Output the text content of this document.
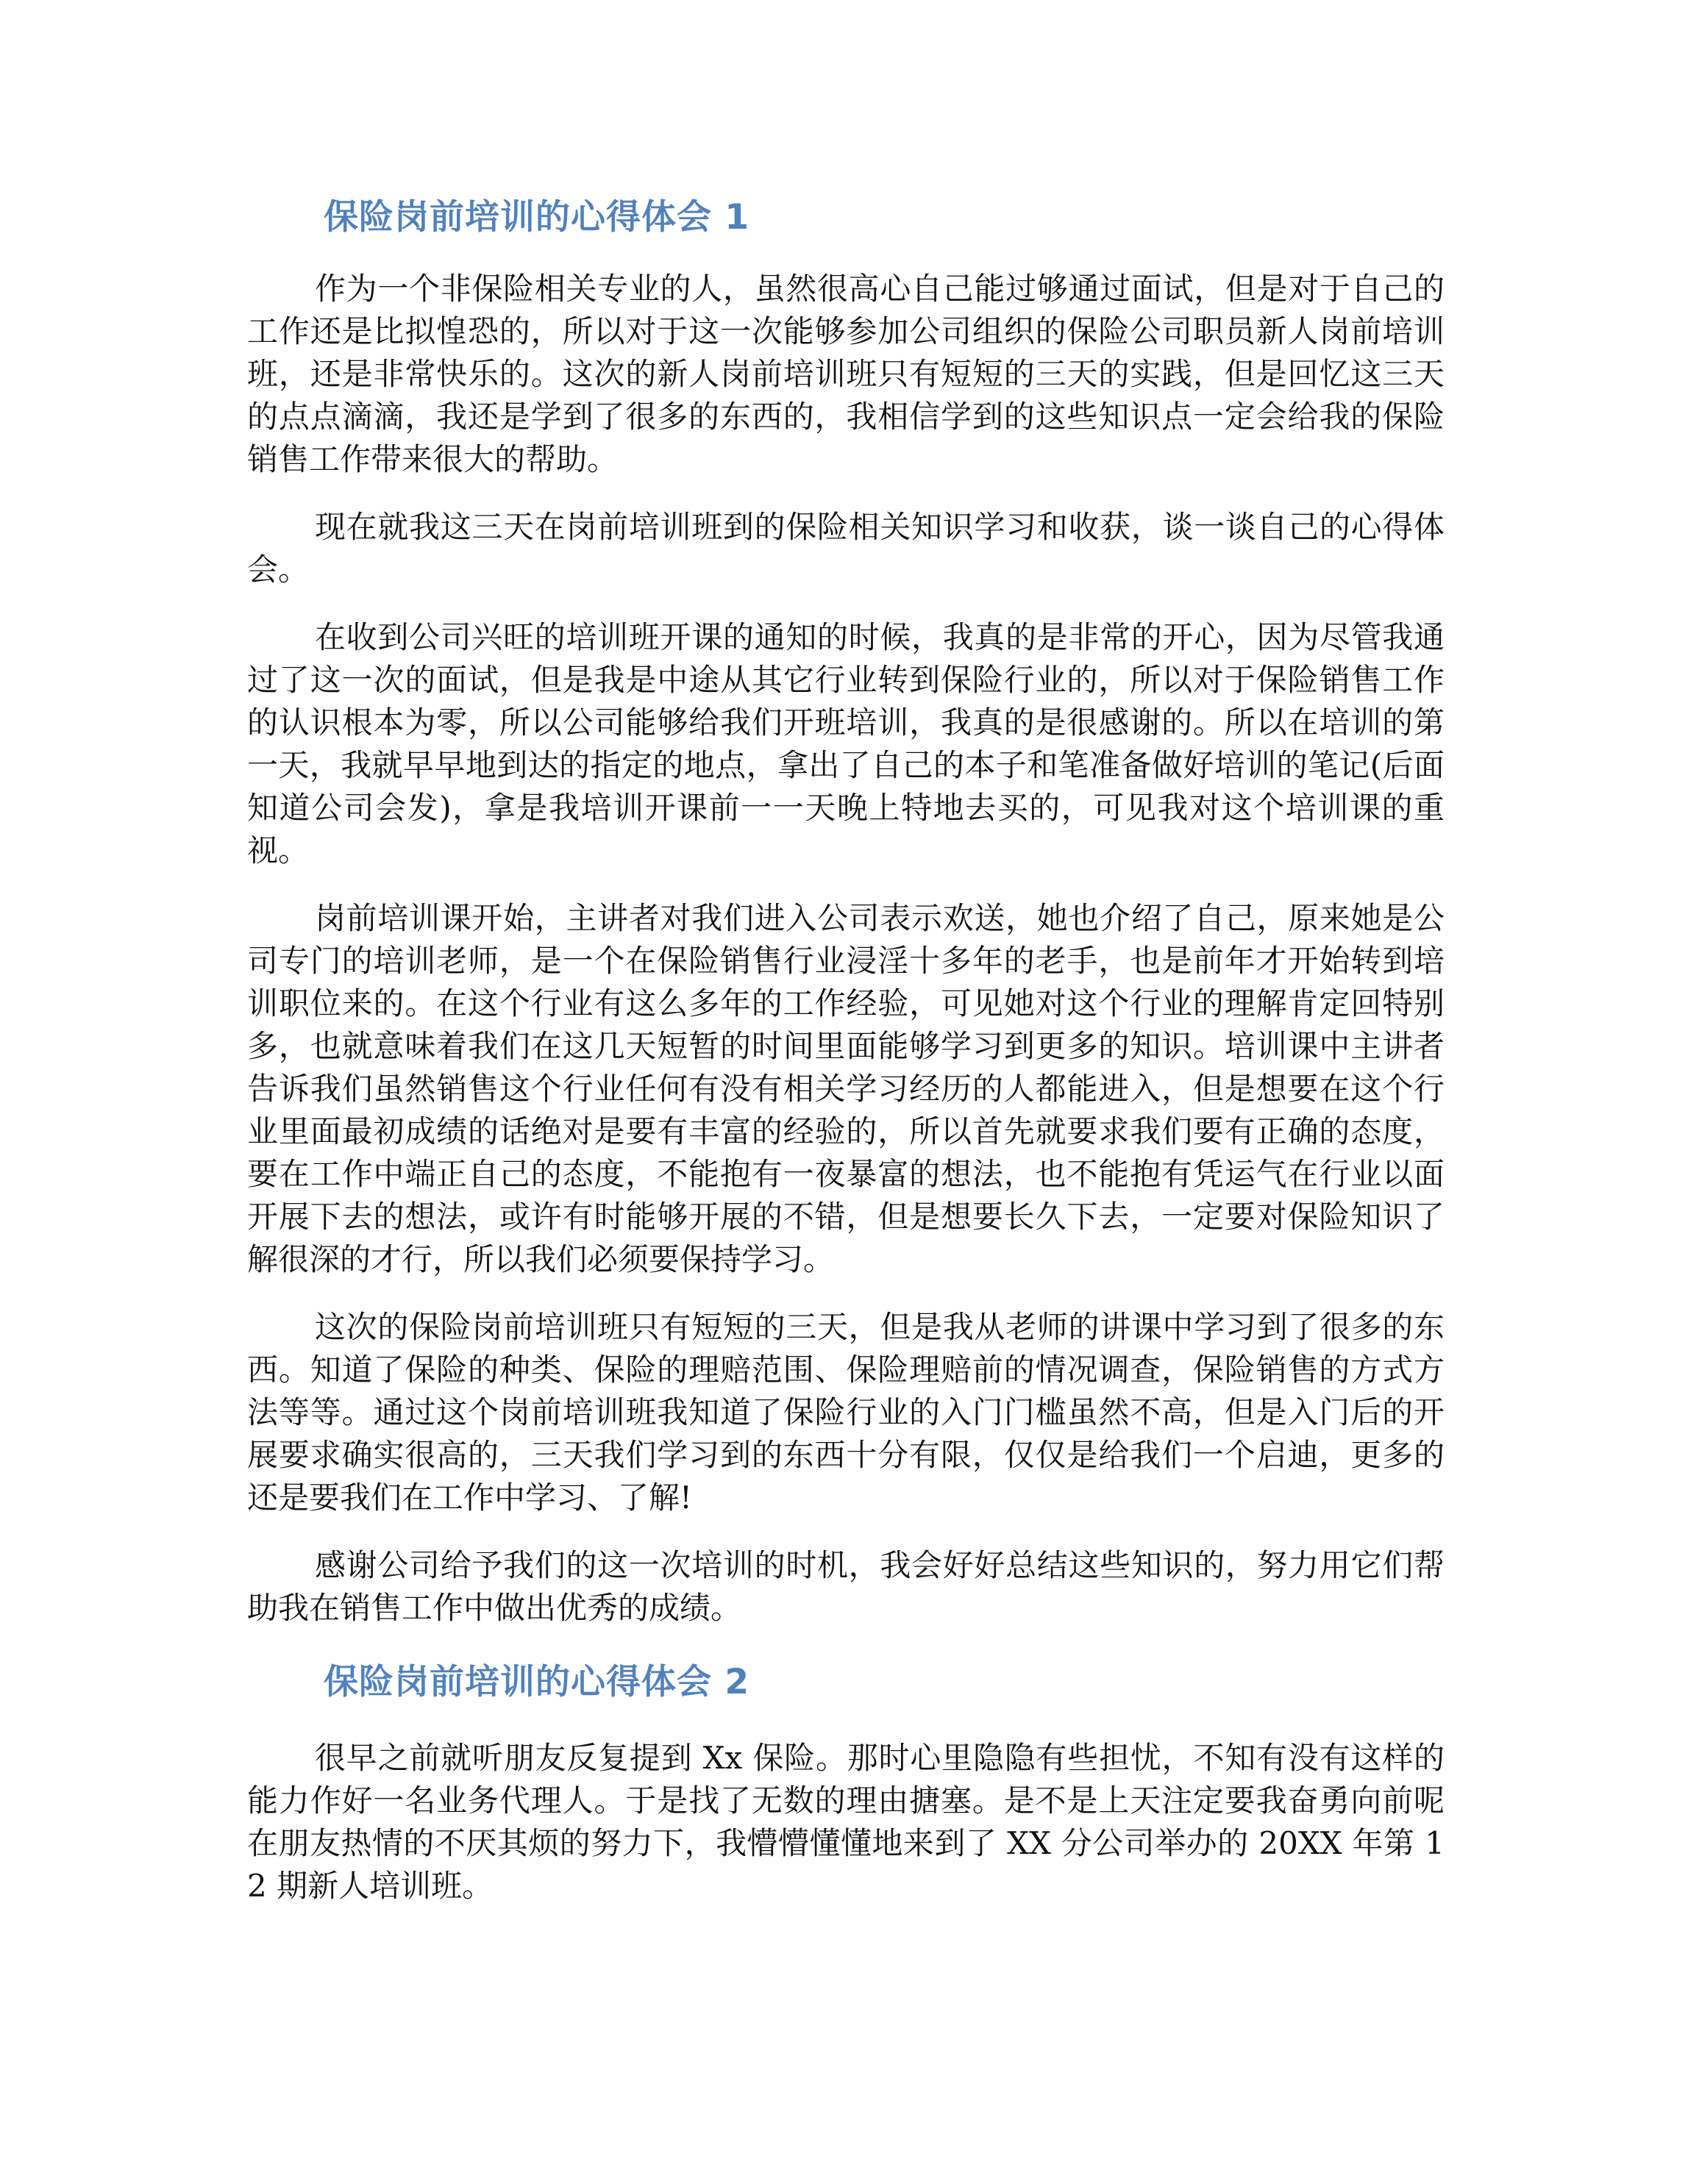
保险岗前培训的心得体会 1

作为一个非保险相关专业的人，虽然很高心自己能过够通过面试，但是对于自己的工作还是比拟惶恐的，所以对于这一次能够参加公司组织的保险公司职员新人岗前培训班，还是非常快乐的。这次的新人岗前培训班只有短短的三天的实践，但是回忆这三天的点点滴滴，我还是学到了很多的东西的，我相信学到的这些知识点一定会给我的保险销售工作带来很大的帮助。

现在就我这三天在岗前培训班到的保险相关知识学习和收获，谈一谈自己的心得体会。

在收到公司兴旺的培训班开课的通知的时候，我真的是非常的开心，因为尽管我通过了这一次的面试，但是我是中途从其它行业转到保险行业的，所以对于保险销售工作的认识根本为零，所以公司能够给我们开班培训，我真的是很感谢的。所以在培训的第一天，我就早早地到达的指定的地点，拿出了自己的本子和笔准备做好培训的笔记(后面知道公司会发)，拿是我培训开课前一一天晚上特地去买的，可见我对这个培训课的重视。

岗前培训课开始，主讲者对我们进入公司表示欢送，她也介绍了自己，原来她是公司专门的培训老师，是一个在保险销售行业浸淫十多年的老手，也是前年才开始转到培训职位来的。在这个行业有这么多年的工作经验，可见她对这个行业的理解肯定回特别多，也就意味着我们在这几天短暂的时间里面能够学习到更多的知识。培训课中主讲者告诉我们虽然销售这个行业任何有没有相关学习经历的人都能进入，但是想要在这个行业里面最初成绩的话绝对是要有丰富的经验的，所以首先就要求我们要有正确的态度，要在工作中端正自己的态度，不能抱有一夜暴富的想法，也不能抱有凭运气在行业以面开展下去的想法，或许有时能够开展的不错，但是想要长久下去，一定要对保险知识了解很深的才行，所以我们必须要保持学习。

这次的保险岗前培训班只有短短的三天，但是我从老师的讲课中学习到了很多的东西。知道了保险的种类、保险的理赔范围、保险理赔前的情况调查，保险销售的方式方法等等。通过这个岗前培训班我知道了保险行业的入门门槛虽然不高，但是入门后的开展要求确实很高的，三天我们学习到的东西十分有限，仅仅是给我们一个启迪，更多的还是要我们在工作中学习、了解!

感谢公司给予我们的这一次培训的时机，我会好好总结这些知识的，努力用它们帮助我在销售工作中做出优秀的成绩。

保险岗前培训的心得体会 2

很早之前就听朋友反复提到 Xx 保险。那时心里隐隐有些担忧，不知有没有这样的能力作好一名业务代理人。于是找了无数的理由搪塞。是不是上天注定要我奋勇向前呢　在朋友热情的不厌其烦的努力下，我懵懵懂懂地来到了 XX 分公司举办的 20XX 年第 12 期新人培训班。
